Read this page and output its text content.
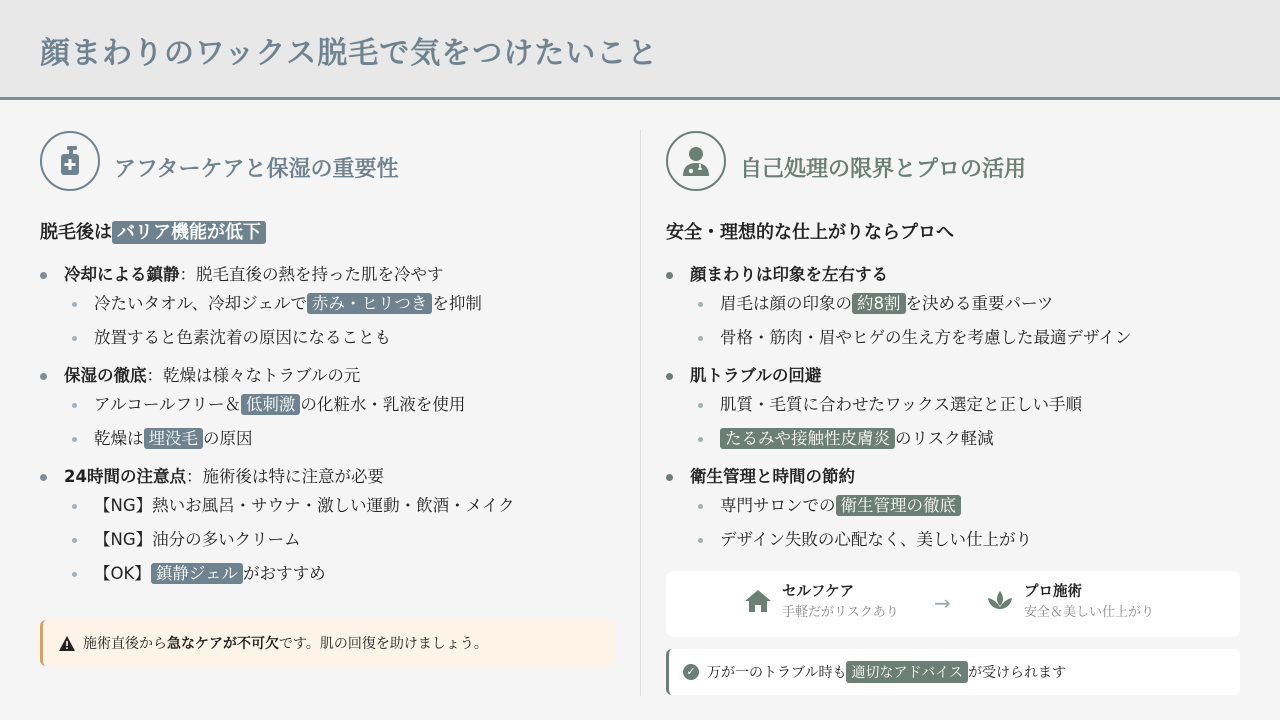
顔まわりのワックス脱毛で気をつけたいこと
アフターケアと保湿の重要性
脱毛後は バリア機能が低下
冷却による鎮静：脱毛直後の熱を持った肌を冷やす
冷たいタオル、冷却ジェルで 赤み・ヒリつき を抑制
放置すると色素沈着の原因になることも
保湿の徹底：乾燥は様々なトラブルの元
アルコールフリー＆ 低刺激 の化粧水・乳液を使用
乾燥は 埋没毛 の原因
24時間の注意点：施術後は特に注意が必要
【NG】熱いお風呂・サウナ・激しい運動・飲酒・メイク
【NG】油分の多いクリーム
【OK】 鎮静ジェル がおすすめ
施術直後から 急なケアが不可欠 です。肌の回復を助けましょう。
自己処理の限界とプロの活用
安全・理想的な仕上がりならプロへ
顔まわりは印象を左右する
眉毛は顔の印象の 約8割 を決める重要パーツ
骨格・筋肉・眉やヒゲの生え方を考慮した最適デザイン
肌トラブルの回避
肌質・毛質に合わせたワックス選定と正しい手順
たるみや接触性皮膚炎 のリスク軽減
衛生管理と時間の節約
専門サロンでの 衛生管理の徹底
デザイン失敗の心配なく、美しい仕上がり
セルフケア
手軽だがリスクあり →	プロ施術
安全＆美しい仕上がり
✓ 万が一のトラブル時も 適切なアドバイス が受けられます
